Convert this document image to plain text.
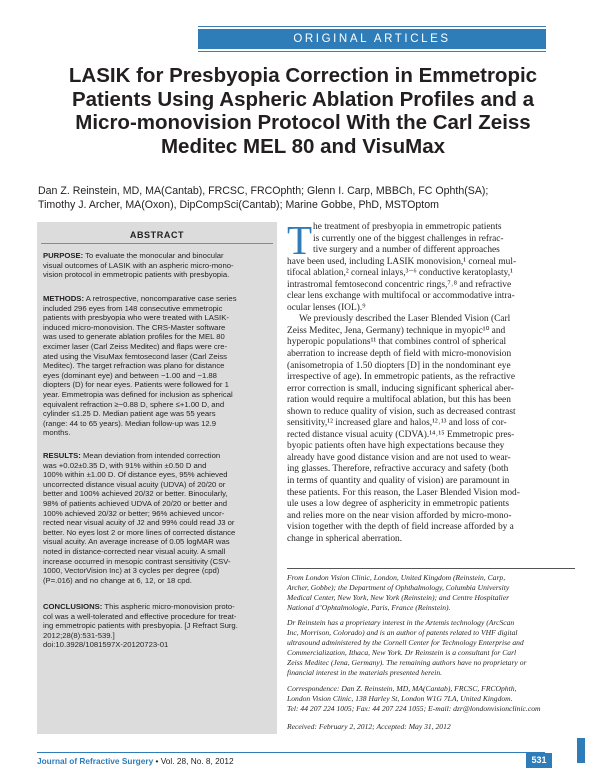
ORIGINAL ARTICLES
LASIK for Presbyopia Correction in Emmetropic
Patients Using Aspheric Ablation Profiles and a
Micro-monovision Protocol With the Carl Zeiss
Meditec MEL 80 and VisuMax
Dan Z. Reinstein, MD, MA(Cantab), FRCSC, FRCOphth; Glenn I. Carp, MBBCh, FC Ophth(SA);
Timothy J. Archer, MA(Oxon), DipCompSci(Cantab); Marine Gobbe, PhD, MSTOptom
ABSTRACT
PURPOSE: To evaluate the monocular and binocular
visual outcomes of LASIK with an aspheric micro-mono-
vision protocol in emmetropic patients with presbyopia.
METHODS: A retrospective, noncomparative case series
included 296 eyes from 148 consecutive emmetropic
patients with presbyopia who were treated with LASIK-
induced micro-monovision. The CRS-Master software
was used to generate ablation profiles for the MEL 80
excimer laser (Carl Zeiss Meditec) and flaps were cre-
ated using the VisuMax femtosecond laser (Carl Zeiss
Meditec). The target refraction was plano for distance
eyes (dominant eye) and between −1.00 and −1.88
diopters (D) for near eyes. Patients were followed for 1
year. Emmetropia was defined for inclusion as spherical
equivalent refraction ≥−0.88 D, sphere ≤+1.00 D, and
cylinder ≤1.25 D. Median patient age was 55 years
(range: 44 to 65 years). Median follow-up was 12.9
months.
RESULTS: Mean deviation from intended correction
was +0.02±0.35 D, with 91% within ±0.50 D and
100% within ±1.00 D. Of distance eyes, 95% achieved
uncorrected distance visual acuity (UDVA) of 20/20 or
better and 100% achieved 20/32 or better. Binocularly,
98% of patients achieved UDVA of 20/20 or better and
100% achieved 20/32 or better; 96% achieved uncor-
rected near visual acuity of J2 and 99% could read J3 or
better. No eyes lost 2 or more lines of corrected distance
visual acuity. An average increase of 0.05 logMAR was
noted in distance-corrected near visual acuity. A small
increase occurred in mesopic contrast sensitivity (CSV-
1000, VectorVision Inc) at 3 cycles per degree (cpd)
(P=.016) and no change at 6, 12, or 18 cpd.
CONCLUSIONS: This aspheric micro-monovision proto-
col was a well-tolerated and effective procedure for treat-
ing emmetropic patients with presbyopia. [J Refract Surg.
2012;28(8):531-539.]
doi:10.3928/1081597X-20120723-01
T he treatment of presbyopia in emmetropic patients
is currently one of the biggest challenges in refrac-
tive surgery and a number of different approaches
have been used, including LASIK monovision,¹ corneal mul-
tifocal ablation,² corneal inlays,³⁻⁶ conductive keratoplasty,¹
intrastromal femtosecond concentric rings,⁷˒⁸ and refractive
clear lens exchange with multifocal or accommodative intra-
ocular lenses (IOL).⁹
We previously described the Laser Blended Vision (Carl
Zeiss Meditec, Jena, Germany) technique in myopic¹⁰ and
hyperopic populations¹¹ that combines control of spherical
aberration to increase depth of field with micro-monovision
(anisometropia of 1.50 diopters [D] in the nondominant eye
irrespective of age). In emmetropic patients, as the refractive
error correction is small, inducing significant spherical aber-
ration would require a multifocal ablation, but this has been
shown to reduce quality of vision, such as decreased contrast
sensitivity,¹² increased glare and halos,¹²˒¹³ and loss of cor-
rected distance visual acuity (CDVA).¹⁴˒¹⁵ Emmetropic pres-
byopic patients often have high expectations because they
already have good distance vision and are not used to wear-
ing glasses. Therefore, refractive accuracy and safety (both
in terms of quantity and quality of vision) are paramount in
these patients. For this reason, the Laser Blended Vision mod-
ule uses a low degree of asphericity in emmetropic patients
and relies more on the near vision afforded by micro-mono-
vision together with the depth of field increase afforded by a
change in spherical aberration.
From London Vision Clinic, London, United Kingdom (Reinstein, Carp,
Archer, Gobbe); the Department of Ophthalmology, Columbia University
Medical Center, New York, New York (Reinstein); and Centre Hospitalier
National d’Ophtalmologie, Paris, France (Reinstein).
Dr Reinstein has a proprietary interest in the Artemis technology (ArcScan
Inc, Morrison, Colorado) and is an author of patents related to VHF digital
ultrasound administered by the Cornell Center for Technology Enterprise and
Commercialization, Ithaca, New York. Dr Reinstein is a consultant for Carl
Zeiss Meditec (Jena, Germany). The remaining authors have no proprietary or
financial interest in the materials presented herein.
Correspondence: Dan Z. Reinstein, MD, MA(Cantab), FRCSC, FRCOphth,
London Vision Clinic, 138 Harley St, London W1G 7LA, United Kingdom.
Tel: 44 207 224 1005; Fax: 44 207 224 1055; E-mail: dzr@londonvisionclinic.com
Received: February 2, 2012; Accepted: May 31, 2012
Journal of Refractive Surgery • Vol. 28, No. 8, 2012	531
